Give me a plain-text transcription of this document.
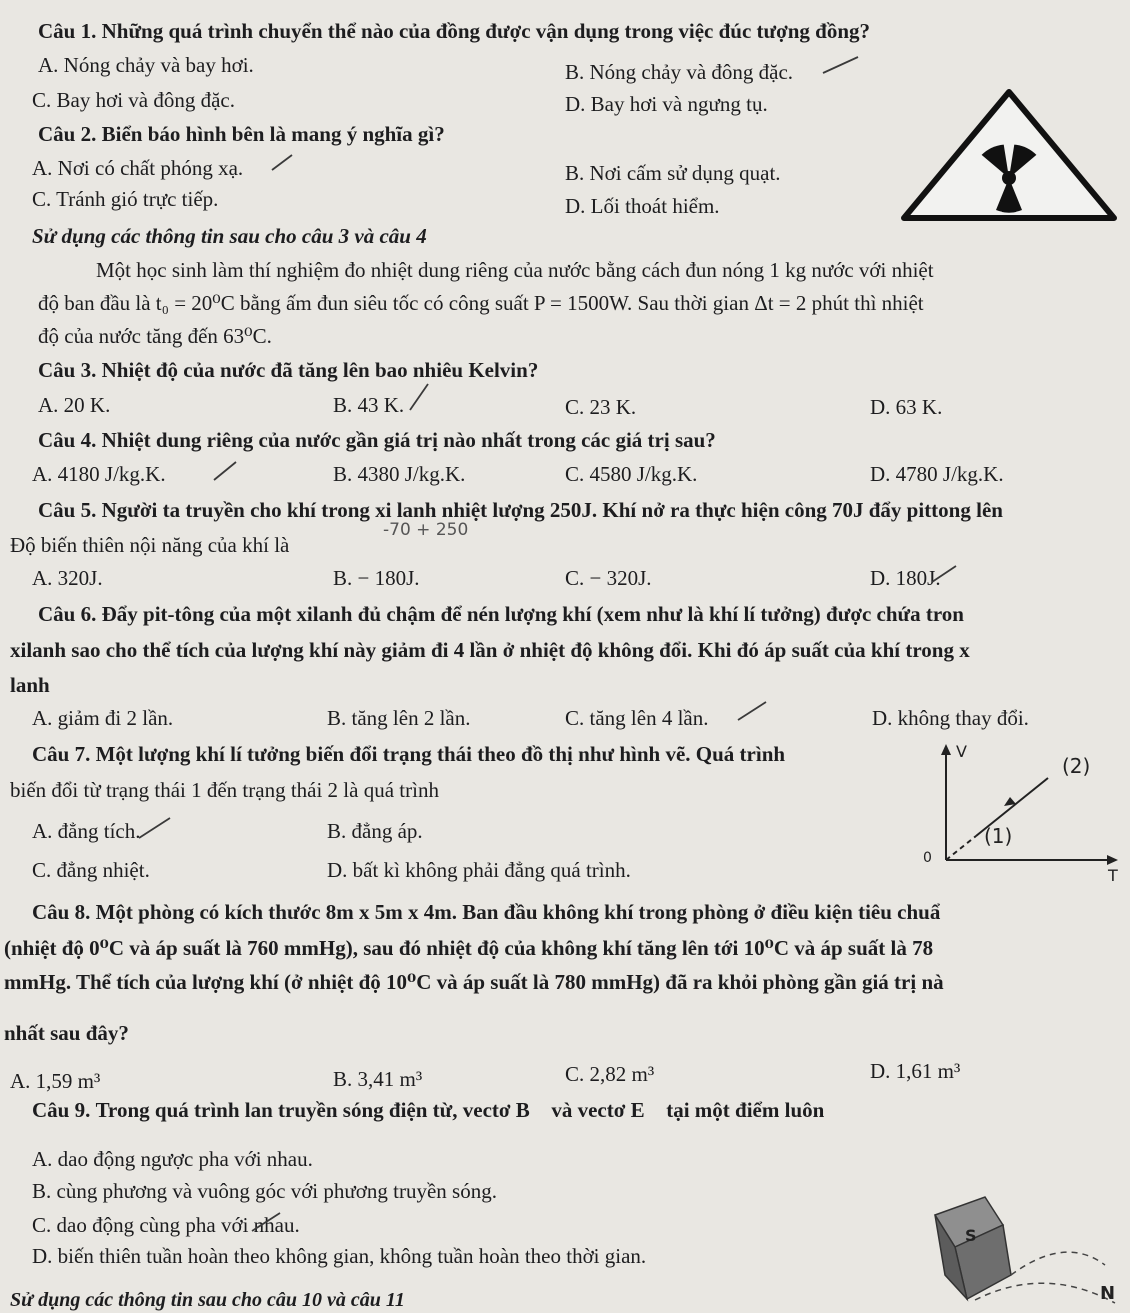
Câu 1. Những quá trình chuyển thể nào của đồng được vận dụng trong việc đúc tượng đồng?
A. Nóng chảy và bay hơi.	B. Nóng chảy và đông đặc.
C. Bay hơi và đông đặc.	D. Bay hơi và ngưng tụ.
Câu 2. Biển báo hình bên là mang ý nghĩa gì?
A. Nơi có chất phóng xạ.	B. Nơi cấm sử dụng quạt.
C. Tránh gió trực tiếp.	D. Lối thoát hiểm.
Sử dụng các thông tin sau cho câu 3 và câu 4
Một học sinh làm thí nghiệm đo nhiệt dung riêng của nước bằng cách đun nóng 1 kg nước với nhiệt
độ ban đầu là t₀ = 20⁰C bằng ấm đun siêu tốc có công suất P = 1500W. Sau thời gian Δt = 2 phút thì nhiệt
độ của nước tăng đến 63⁰C.
Câu 3. Nhiệt độ của nước đã tăng lên bao nhiêu Kelvin?
A. 20 K.	B. 43 K.	C. 23 K.	D. 63 K.
Câu 4. Nhiệt dung riêng của nước gần giá trị nào nhất trong các giá trị sau?
A. 4180 J/kg.K.	B. 4380 J/kg.K.	C. 4580 J/kg.K.	D. 4780 J/kg.K.
Câu 5. Người ta truyền cho khí trong xi lanh nhiệt lượng 250J. Khí nở ra thực hiện công 70J đẩy pittong lên
-70 + 250
Độ biến thiên nội năng của khí là
A. 320J.	B. − 180J.	C. − 320J.	D. 180J.
Câu 6. Đẩy pit-tông của một xilanh đủ chậm để nén lượng khí (xem như là khí lí tưởng) được chứa tron
xilanh sao cho thể tích của lượng khí này giảm đi 4 lần ở nhiệt độ không đổi. Khi đó áp suất của khí trong x
lanh
A. giảm đi 2 lần.	B. tăng lên 2 lần.	C. tăng lên 4 lần.	D. không thay đổi.
Câu 7. Một lượng khí lí tưởng biến đổi trạng thái theo đồ thị như hình vẽ. Quá trình
biến đổi từ trạng thái 1 đến trạng thái 2 là quá trình
A. đẳng tích.	B. đẳng áp.
C. đẳng nhiệt.	D. bất kì không phải đẳng quá trình.
V
(2)
(1)
0
T
Câu 8. Một phòng có kích thước 8m x 5m x 4m. Ban đầu không khí trong phòng ở điều kiện tiêu chuẩ
(nhiệt độ 0⁰C và áp suất là 760 mmHg), sau đó nhiệt độ của không khí tăng lên tới 10⁰C và áp suất là 78
mmHg. Thể tích của lượng khí (ở nhiệt độ 10⁰C và áp suất là 780 mmHg) đã ra khỏi phòng gần giá trị nà
nhất sau đây?
A. 1,59 m³	B. 3,41 m³	C. 2,82 m³	D. 1,61 m³
Câu 9. Trong quá trình lan truyền sóng điện từ, vectơ B⃗ và vectơ E⃗ tại một điểm luôn
A. dao động ngược pha với nhau.
B. cùng phương và vuông góc với phương truyền sóng.
C. dao động cùng pha với nhau.
D. biến thiên tuần hoàn theo không gian, không tuần hoàn theo thời gian.
S
N
Sử dụng các thông tin sau cho câu 10 và câu 11
